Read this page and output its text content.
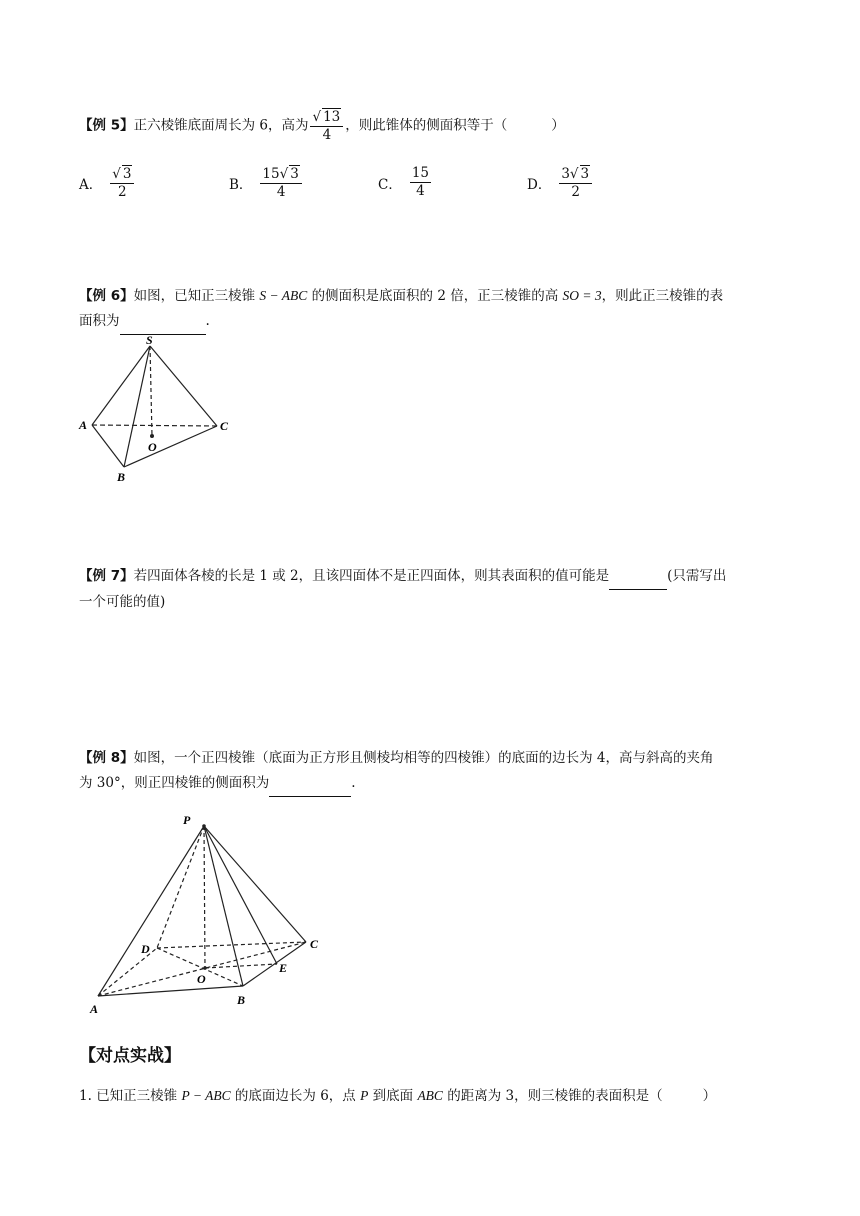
【例 5】正六棱锥底面周长为 6，高为 $\frac{√ 13}{4}$ ，则此锥体的侧面积等于（	）
A． $\frac{√ 3}{2}$	B． $\frac{15√ 3}{4}$	C． $\frac{15}{4}$	D． $\frac{3√ 3}{2}$
【例 6】如图，已知正三棱锥 S − ABC 的侧面积是底面积的 2 倍，正三棱锥的高 SO = 3，则此正三棱锥的表
面积为	.
S
A
B
C
O
【例 7】若四面体各棱的长是 1 或 2，且该四面体不是正四面体，则其表面积的值可能是	(只需写出
一个可能的值)
【例 8】如图，一个正四棱锥（底面为正方形且侧棱均相等的四棱锥）的底面的边长为 4，高与斜高的夹角
为 30°，则正四棱锥的侧面积为	.
P
A
B
C
D
E
O
【对点实战】
1. 已知正三棱锥 P − ABC 的底面边长为 6，点 P 到底面 ABC 的距离为 3，则三棱锥的表面积是（	）
